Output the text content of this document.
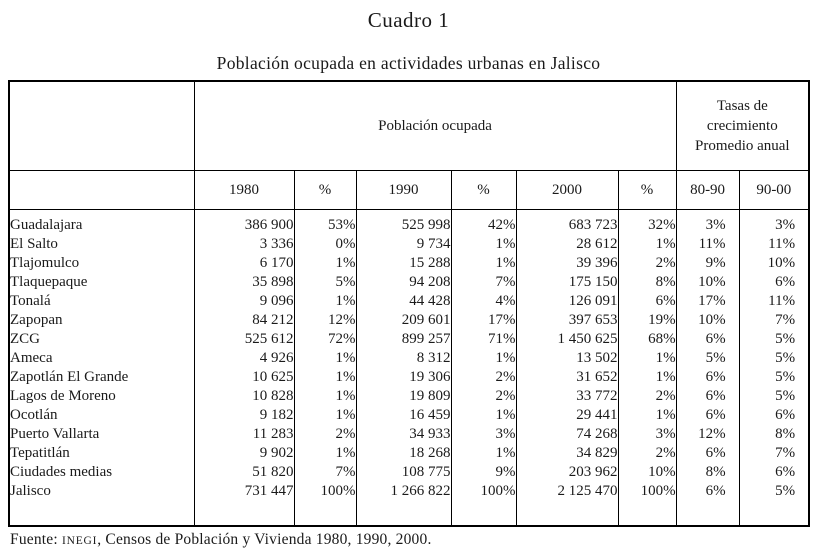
Cuadro 1
Población ocupada en actividades urbanas en Jalisco
	Población ocupada						Tasas de
crecimiento
Promedio anual	

	1980	%	1990	%	2000	%	80-90	90-00
Guadalajara	386 900	53%	525 998	42%	683 723	32%	3%	3%
El Salto	3 336	0%	9 734	1%	28 612	1%	11%	11%
Tlajomulco	6 170	1%	15 288	1%	39 396	2%	9%	10%
Tlaquepaque	35 898	5%	94 208	7%	175 150	8%	10%	6%
Tonalá	9 096	1%	44 428	4%	126 091	6%	17%	11%
Zapopan	84 212	12%	209 601	17%	397 653	19%	10%	7%
ZCG	525 612	72%	899 257	71%	1 450 625	68%	6%	5%
Ameca	4 926	1%	8 312	1%	13 502	1%	5%	5%
Zapotlán El Grande	10 625	1%	19 306	2%	31 652	1%	6%	5%
Lagos de Moreno	10 828	1%	19 809	2%	33 772	2%	6%	5%
Ocotlán	9 182	1%	16 459	1%	29 441	1%	6%	6%
Puerto Vallarta	11 283	2%	34 933	3%	74 268	3%	12%	8%
Tepatitlán	9 902	1%	18 268	1%	34 829	2%	6%	7%
Ciudades medias	51 820	7%	108 775	9%	203 962	10%	8%	6%
Jalisco	731 447	100%	1 266 822	100%	2 125 470	100%	6%	5%

Fuente: INEGI, Censos de Población y Vivienda 1980, 1990, 2000.
